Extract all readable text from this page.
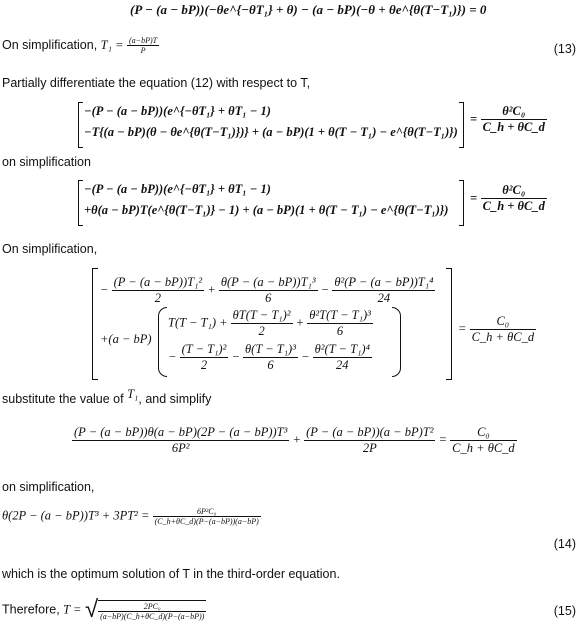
(P − (a − bP))(−θe^{−θT₁} + θ) − (a − bP)(−θ + θe^{θ(T−T₁)}) = 0
On simplification, $T_1 = \frac{(a-bP)T}{P}$	(13)
Partially differentiate the equation (12) with respect to T,
−(P − (a − bP))(e^{−θT₁} + θT₁ − 1)
−T{(a − bP)(θ − θe^{θ(T−T₁)})} + (a − bP)(1 + θ(T − T₁) − e^{θ(T−T₁)})
= $\frac{\text{θ²C₀}}{C\_h + \theta C\_d}$
on simplification
−(P − (a − bP))(e^{−θT₁} + θT₁ − 1)
+θ(a − bP)T(e^{θ(T−T₁)} − 1) + (a − bP)(1 + θ(T − T₁) − e^{θ(T−T₁)})
= $\frac{\text{θ²C₀}}{C\_h + \theta C\_d}$
On simplification,
− $\frac{\text{(P − (a − bP))T₁²}}{2} + \frac{\text{θ(P − (a − bP))T₁³}}{6} - \frac{\text{θ²(P − (a − bP))T₁⁴}}{24}$
+(a − bP)
$T(T - T_1) + \frac{\text{θT(T − T₁)²}}{2} + \frac{\text{θ²T(T − T₁)³}}{6}$
− $\frac{\text{(T − T₁)²}}{2} - \frac{\text{θ(T − T₁)³}}{6} - \frac{\text{θ²(T − T₁)⁴}}{24}$
= $\frac{\text{C₀}}{C\_h + \theta C\_d}$
substitute the value of T₁, and simplify
$\frac{\text{(P − (a − bP))θ(a − bP)(2P − (a − bP))T³}}{\text{6P²}} + \frac{\text{(P − (a − bP))(a − bP)T²}}{2P} = \frac{\text{C₀}}{C\_h + \theta C\_d}$
on simplification,
$\theta(2P - (a - bP))T^3 + 3PT^2 = \frac{\text{6P²C₀}}{(C\_h+\theta C\_d)(P-(a-bP))(a-bP)}$
(14)
which is the optimum solution of T in the third-order equation.
Therefore, T = √ $\frac{\text{2PC₀}}{(a-bP)(C\_h+\theta C\_d)(P-(a-bP))}$	(15)
